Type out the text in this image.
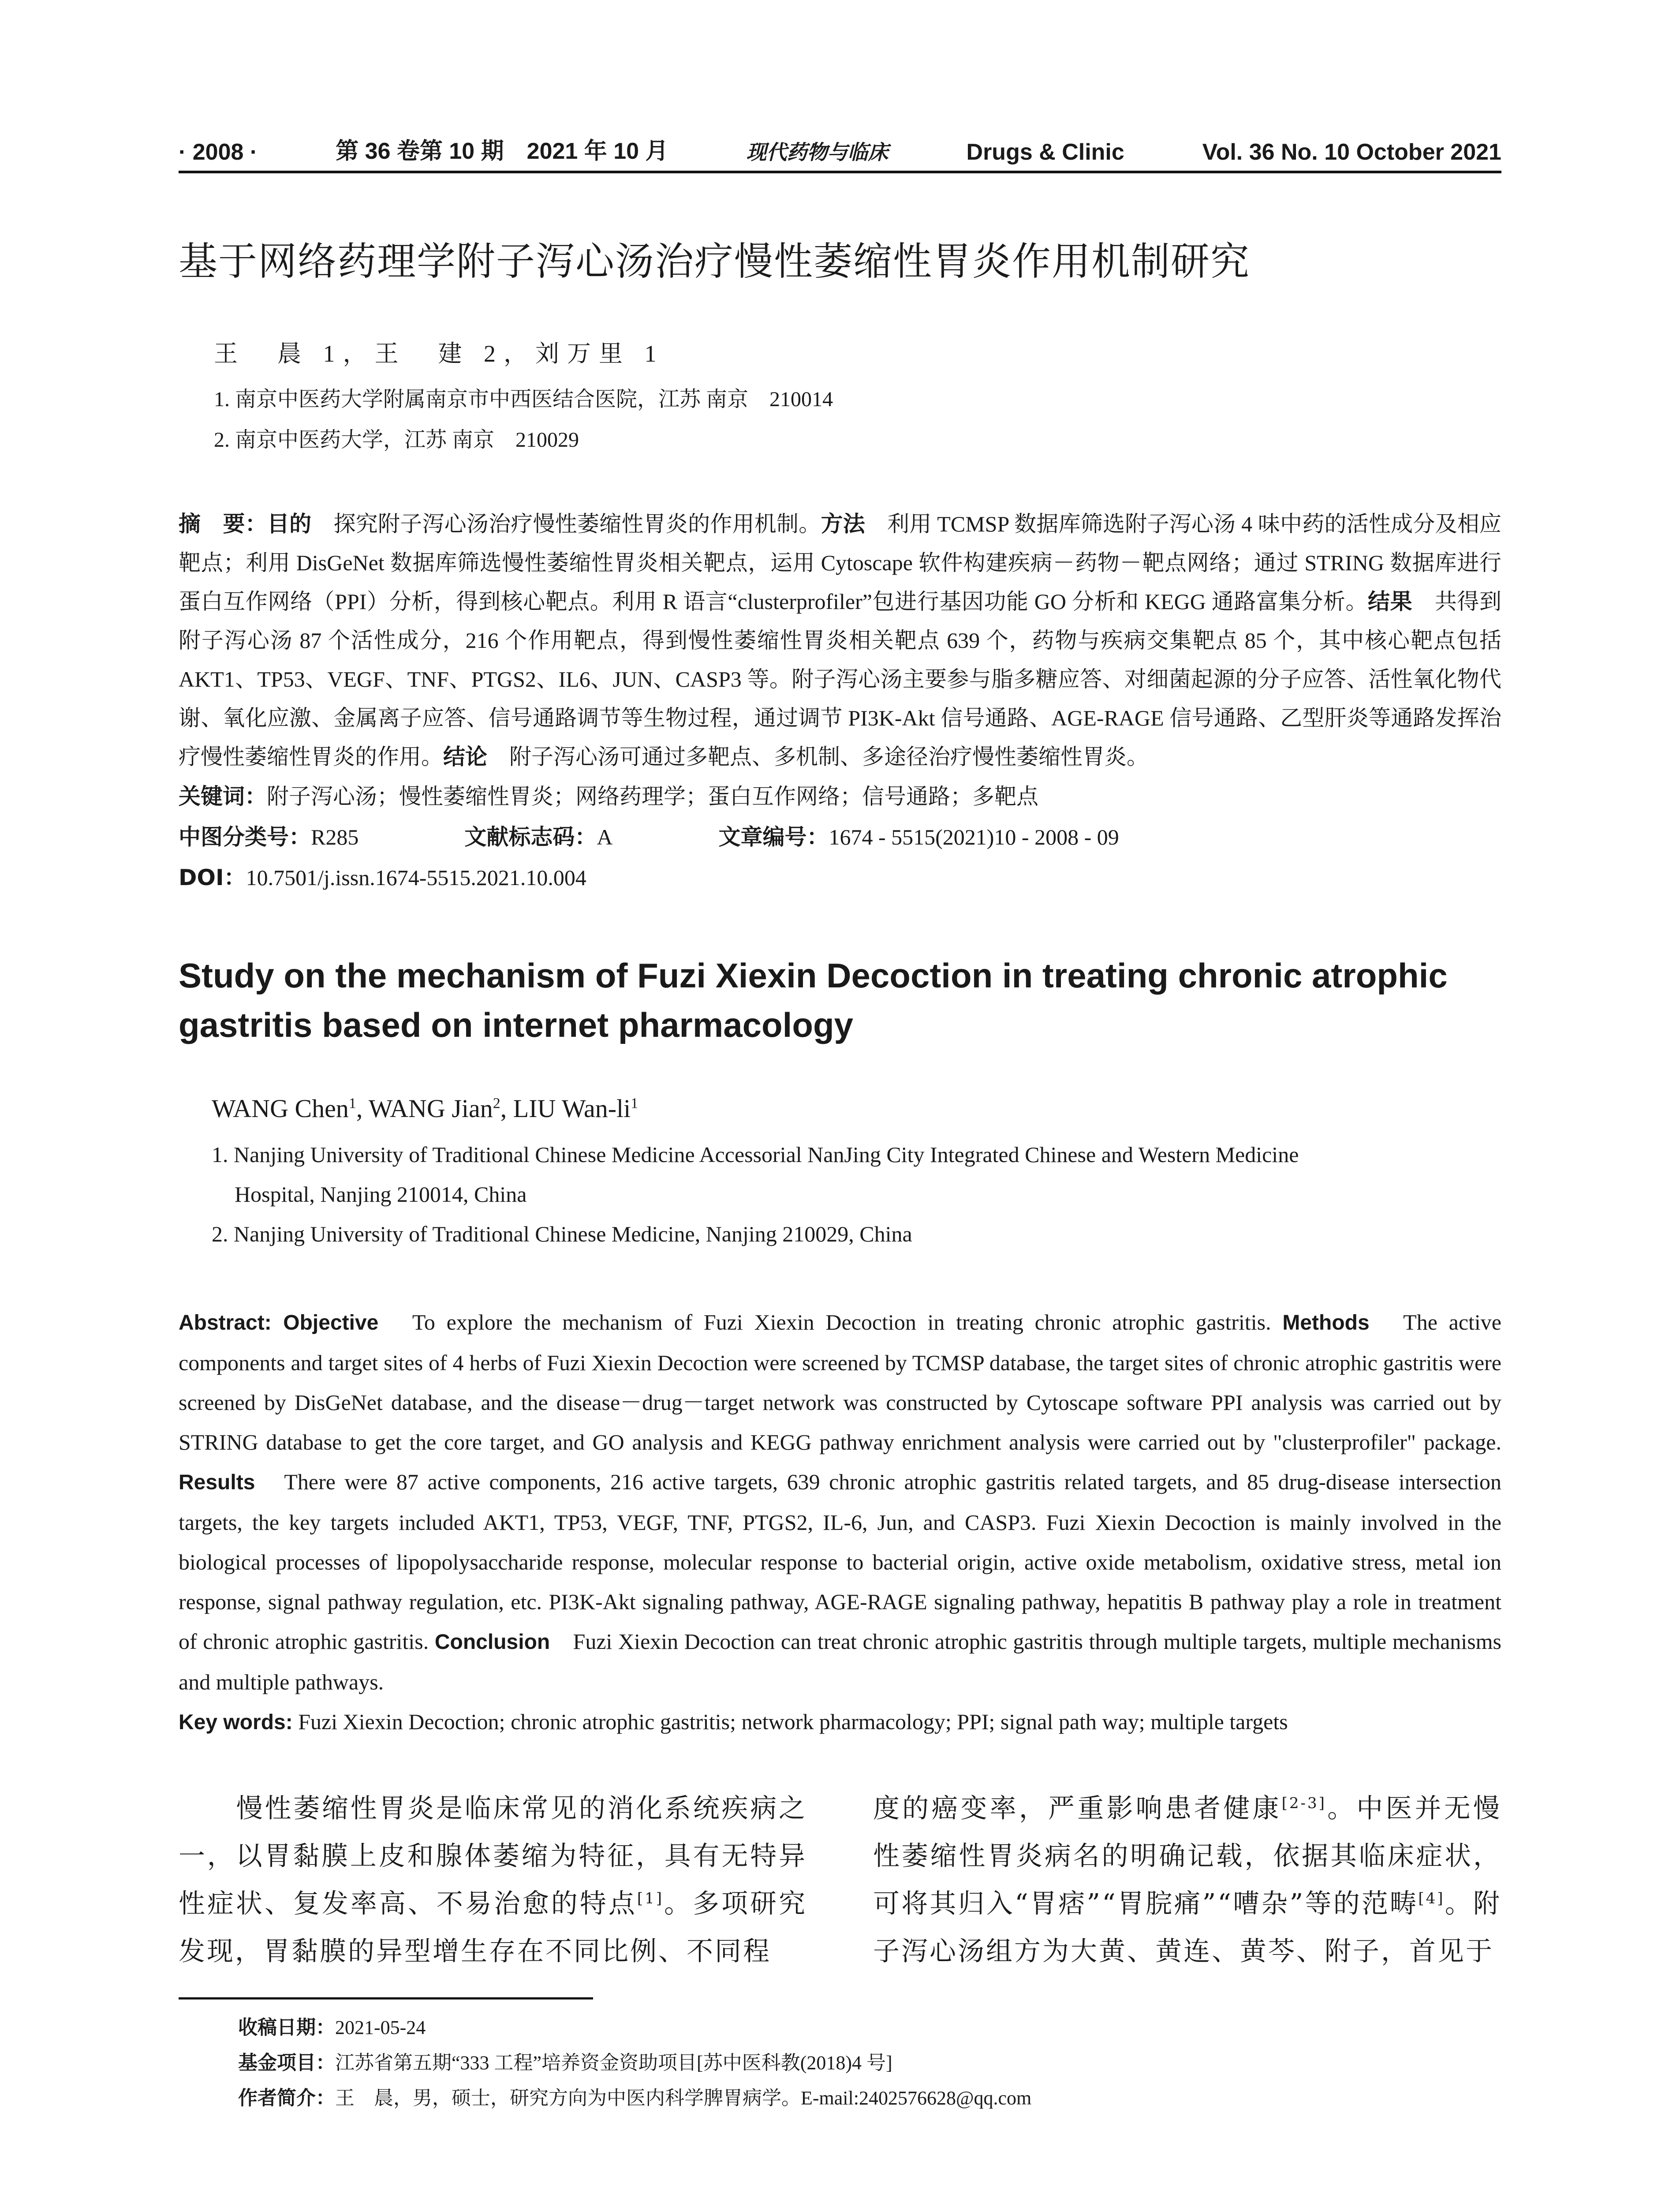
· 2008 ·	第 36 卷第 10 期　2021 年 10 月	现代药物与临床	Drugs & Clinic	Vol. 36 No. 10 October 2021
基于网络药理学附子泻心汤治疗慢性萎缩性胃炎作用机制研究
王　晨 1，王　建 2，刘万里 1
1. 南京中医药大学附属南京市中西医结合医院，江苏 南京　210014
2. 南京中医药大学，江苏 南京　210029
摘　要：目的　探究附子泻心汤治疗慢性萎缩性胃炎的作用机制。方法　利用 TCMSP 数据库筛选附子泻心汤 4 味中药的活性成分及相应靶点；利用 DisGeNet 数据库筛选慢性萎缩性胃炎相关靶点，运用 Cytoscape 软件构建疾病－药物－靶点网络；通过 STRING 数据库进行蛋白互作网络（PPI）分析，得到核心靶点。利用 R 语言“clusterprofiler”包进行基因功能 GO 分析和 KEGG 通路富集分析。结果　共得到附子泻心汤 87 个活性成分，216 个作用靶点，得到慢性萎缩性胃炎相关靶点 639 个，药物与疾病交集靶点 85 个，其中核心靶点包括 AKT1、TP53、VEGF、TNF、PTGS2、IL6、JUN、CASP3 等。附子泻心汤主要参与脂多糖应答、对细菌起源的分子应答、活性氧化物代谢、氧化应激、金属离子应答、信号通路调节等生物过程，通过调节 PI3K-Akt 信号通路、AGE-RAGE 信号通路、乙型肝炎等通路发挥治疗慢性萎缩性胃炎的作用。结论　附子泻心汤可通过多靶点、多机制、多途径治疗慢性萎缩性胃炎。
关键词：附子泻心汤；慢性萎缩性胃炎；网络药理学；蛋白互作网络；信号通路；多靶点
中图分类号：R285	文献标志码：A	文章编号：1674 - 5515(2021)10 - 2008 - 09
DOI：10.7501/j.issn.1674-5515.2021.10.004
Study on the mechanism of Fuzi Xiexin Decoction in treating chronic atrophic gastritis based on internet pharmacology
WANG Chen$^1$, WANG Jian$^2$, LIU Wan-$li^1$
1. Nanjing University of Traditional Chinese Medicine Accessorial NanJing City Integrated Chinese and Western Medicine
Hospital, Nanjing 210014, China
2. Nanjing University of Traditional Chinese Medicine, Nanjing 210029, China
Abstract: Objective　To explore the mechanism of Fuzi Xiexin Decoction in treating chronic atrophic gastritis. Methods　The active components and target sites of 4 herbs of Fuzi Xiexin Decoction were screened by TCMSP database, the target sites of chronic atrophic gastritis were screened by DisGeNet database, and the disease－drug－target network was constructed by Cytoscape software PPI analysis was carried out by STRING database to get the core target, and GO analysis and KEGG pathway enrichment analysis were carried out by "clusterprofiler" package. Results　There were 87 active components, 216 active targets, 639 chronic atrophic gastritis related targets, and 85 drug-disease intersection targets, the key targets included AKT1, TP53, VEGF, TNF, PTGS2, IL-6, Jun, and CASP3. Fuzi Xiexin Decoction is mainly involved in the biological processes of lipopolysaccharide response, molecular response to bacterial origin, active oxide metabolism, oxidative stress, metal ion response, signal pathway regulation, etc. PI3K-Akt signaling pathway, AGE-RAGE signaling pathway, hepatitis B pathway play a role in treatment of chronic atrophic gastritis. Conclusion　Fuzi Xiexin Decoction can treat chronic atrophic gastritis through multiple targets, multiple mechanisms and multiple pathways.
Key words: Fuzi Xiexin Decoction; chronic atrophic gastritis; network pharmacology; PPI; signal path way; multiple targets
慢性萎缩性胃炎是临床常见的消化系统疾病之一，以胃黏膜上皮和腺体萎缩为特征，具有无特异性症状、复发率高、不易治愈的特点[1]。多项研究发现，胃黏膜的异型增生存在不同比例、不同程
度的癌变率，严重影响患者健康[2-3]。中医并无慢性萎缩性胃炎病名的明确记载，依据其临床症状，可将其归入“胃痞”“胃脘痛”“嘈杂”等的范畴[4]。附子泻心汤组方为大黄、黄连、黄芩、附子，首见于
收稿日期：2021-05-24
基金项目：江苏省第五期“333 工程”培养资金资助项目[苏中医科教(2018)4 号]
作者简介：王　晨，男，硕士，研究方向为中医内科学脾胃病学。E-mail:2402576628@qq.com
